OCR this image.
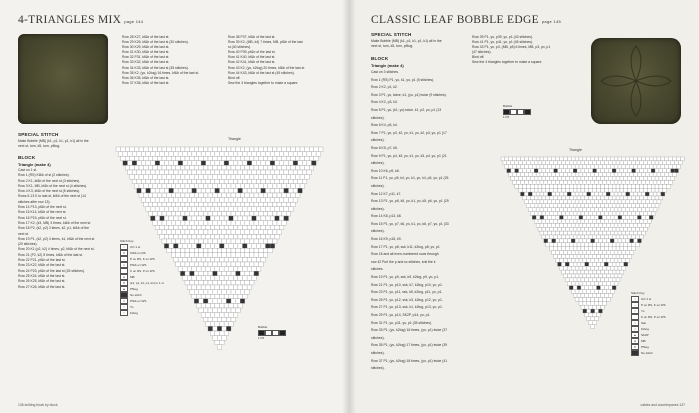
4-TRIANGLES MIX page 144
Row 28 K27, kf&b of the last st.
Row 29 K26, kf&b of the last st (30 stitches).
Row 30 K29, kf&b of the last st.
Row 31 K30, kf&b of the last st.
Row 32 P31, kf&b of the last st.
Row 33 K32, kf&b of the last st.
Row 34 K33, kf&b of the last st (35 stitches).
Row 35 K2, (yo, k2tog) 16 times, kf&b of the last st.
Row 36 K35, kf&b of the last st.
Row 37 K36, kf&b of the last st.
Row 38 P37, kf&b of the last st.
Row 39 K2, (MB, k4) 7 times, MB, pf&b of the last
st (40 stitches).
Row 40 P39, pf&b of the last st.
Row 41 K40, kf&b of the last st.
Row 42 K41, kf&b of the last st.
Row 43 K2, (yo, k2tog) 20 times, kf&b of the last st.
Row 44 K43, kf&b of the last st (45 stitches).
Bind off.
Sew the 4 triangles together to make a square.
SPECIAL STITCH
Make Bobble (MB) (k1, p1, k1, p1, k1) all in the
next st, turn, k5, turn, p5tog.
BLOCK
Triangle (make 4)
Cast on 1 st.
Row 1 (RS) Kf&b of st (2 stitches).
Row 2 K1, kf&b of the next st (3 stitches).
Row 3 K1, MB, kf&b of the next st (4 stitches).
Row 4 K3, kf&b of the next st (5 stitches).
Rows 5-13 K to last st, kf&b of the next st (14
stitches after row 13).
Row 14 P13, pf&b of the next st.
Row 15 K14, kf&b of the next st.
Row 16 P15, pf&b of the next st.
Row 17 K2, (k3, MB) 3 times, kf&b of the next st.
Row 18 P2, (k2, p2) 3 times, k2, p1, kf&b of the
next st.
Row 19 P1, (k2, p2) 4 times, k1, kf&b of the next st
(20 stitches).
Row 20 K1 (p2, k2) 4 times, p2, kf&b of the next st.
Row 21 (P2, k2) 5 times, kf&b of the last st.
Row 22 P21, pf&b of the last st.
Row 23 K22, kf&b of the last st.
Row 24 P23, pf&b of the last st (25 stitches).
Row 25 K24, kf&b of the last st.
Row 26 K25, kf&b of the last st.
Row 27 K26, kf&b of the last st.
Triangle
Stitch Key
○	CO 1 st
V	Kf&b on RS
–	P on RS, K on WS
v	Pf&b on WS
K on RS, P on WS
●	MB
5	(k1, p1, k1, p1, k1) in 1 st
▲	P5tog
No stitch
v	Pf&b on WS
○	Yo
/	K2tog
Bobble
1 K5
136 knitting block by block
CLASSIC LEAF BOBBLE EDGE page 145
SPECIAL STITCH
Make Bobble (MB) (k1, p1, k1, p1, k1) all in the
next st, turn, k5, turn, p5tog.
BLOCK
Triangle (make 4)
Cast on 3 stitches.
Row 1 (RS) P1, yo, k1, yo, p1 (5 stitches).
Row 2 K2, p1, k2.
Row 3 P1, yo, twice, k1, (yo, p1) twice (9 stitches).
Row 4 K2, p3, k3.
Row 5 P1, yo, (k1, yo) twice, k1, p2, yo, p1 (13
stitches).
Row 6 K4, p5, k4.
Row 7 P1, yo, p3, k2, yo, k1, yo, k2, p3, yo, p1 (17
stitches).
Row 8 K5, p7, k5.
Row 9 P1, yo, p4, k3, yo, k1, yo, k3, p4, yo, p1 (21
stitches).
Row 10 K6, p9, k6.
Row 11 P1, yo, p5, k4, yo, k1, yo, k4, p5, yo, p1 (25
stitches).
Row 12 K7, p11, k7.
Row 13 P1, yo, p6, k5, yo, k1, yo, k5, p6, yo, p1 (29
stitches).
Row 14 K8, p13, k8.
Row 15 P1, yo, p7, k6, yo, k1, yo, k6, p7, yo, p1 (33
stitches).
Row 16 K9, p15, k9.
Row 17 P1, yo, p8, ssk, k11, k2tog, p8, yo, p1
Row 18 and all even-numbered rows through
row 42 Purl the p and sc stitches, knit the k
stitches.
Row 19 P1, yo, p9, ssk, k9, k2tog, p9, yo, p1.
Row 21 P1, yo, p10, ssk, k7, k2tog, p10, yo, p1.
Row 23 P1, yo, p11, ssk, k5, k2tog, p11, yo, p1.
Row 25 P1, yo, p12, ssk, k3, k2tog, p12, yo, p1.
Row 27 P1, yo, p13, ssk, k1, k2tog, p13, yo, p1.
Row 29 P1, yo, p14, SK2P, p14, yo, p1.
Row 31 P1, yo, p31, yo, p1 (35 stitches).
Row 33 P1, (yo, k2tog) 16 times, (yo, p1) twice (37
stitches).
Row 35 P1, (yo, k2tog) 17 times, (yo, p1) twice (39
stitches).
Row 37 P1, (yo, k2tog) 18 times, (yo, p1) twice (41
stitches).
Row 39 P1, yo, p39, yo, p1 (43 stitches).
Row 41 P1, yo, p41, yo, p1 (45 stitches).
Row 43 P1, yo, p3, (MB, p5) 6 times, MB, p3, yo, p1
(47 stitches).
Bind off.
Sew the 4 triangles together to make a square.
Bobble
1 K5
Triangle
Stitch Key
○	CO 1 st
–	P on RS, K on WS
○	Yo
K on RS, P on WS
\	Ssk
/	K2tog
▲	SK2P
●	MB
5	P5tog
No stitch
cables and counterpanes 137
